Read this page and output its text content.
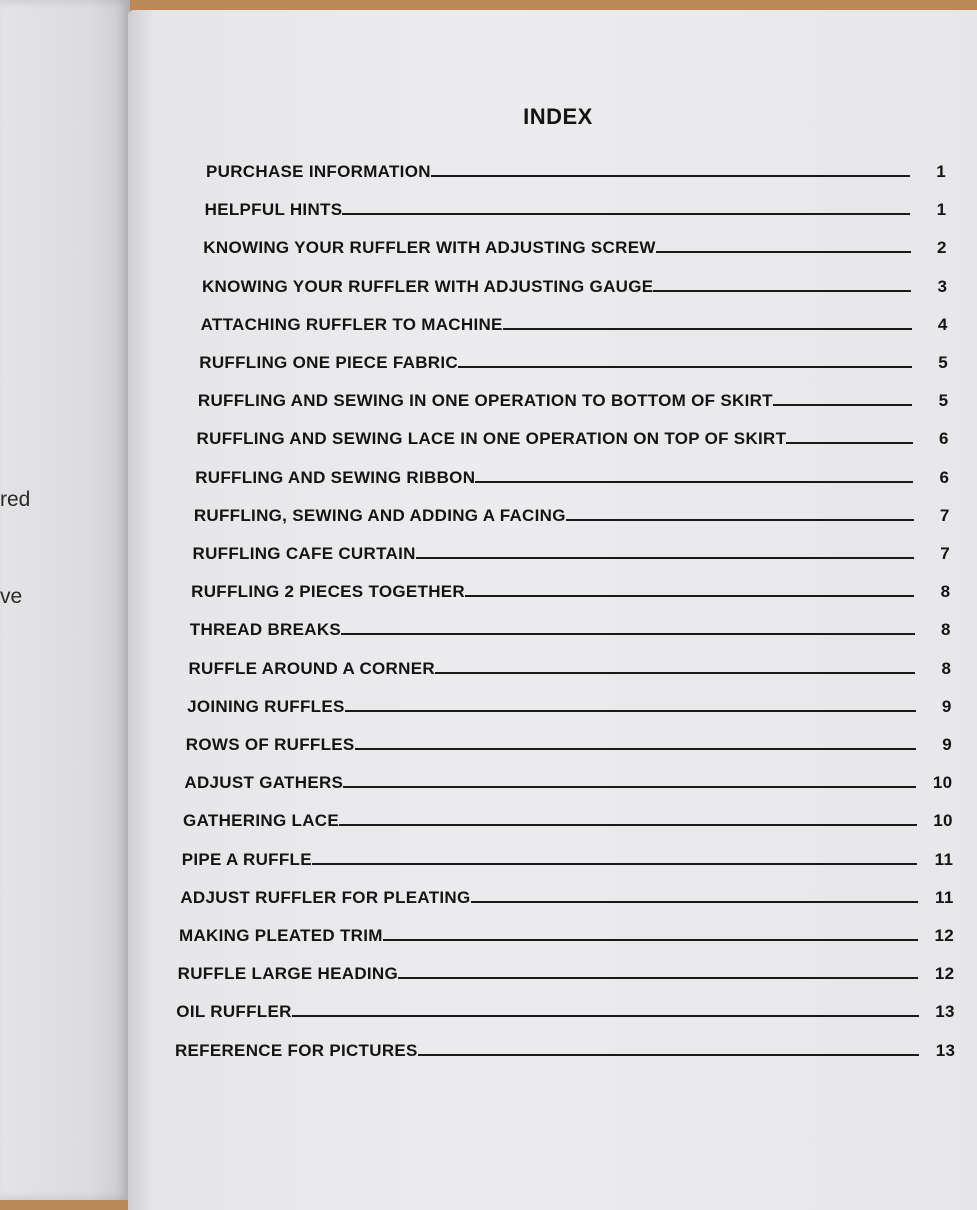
red
ve
INDEX
PURCHASE INFORMATION	1
HELPFUL HINTS	1
KNOWING YOUR RUFFLER WITH ADJUSTING SCREW	2
KNOWING YOUR RUFFLER WITH ADJUSTING GAUGE	3
ATTACHING RUFFLER TO MACHINE	4
RUFFLING ONE PIECE FABRIC	5
RUFFLING AND SEWING IN ONE OPERATION TO BOTTOM OF SKIRT	5
RUFFLING AND SEWING LACE IN ONE OPERATION ON TOP OF SKIRT	6
RUFFLING AND SEWING RIBBON	6
RUFFLING, SEWING AND ADDING A FACING	7
RUFFLING CAFE CURTAIN	7
RUFFLING 2 PIECES TOGETHER	8
THREAD BREAKS	8
RUFFLE AROUND A CORNER	8
JOINING RUFFLES	9
ROWS OF RUFFLES	9
ADJUST GATHERS	10
GATHERING LACE	10
PIPE A RUFFLE	11
ADJUST RUFFLER FOR PLEATING	11
MAKING PLEATED TRIM	12
RUFFLE LARGE HEADING	12
OIL RUFFLER	13
REFERENCE FOR PICTURES	13
